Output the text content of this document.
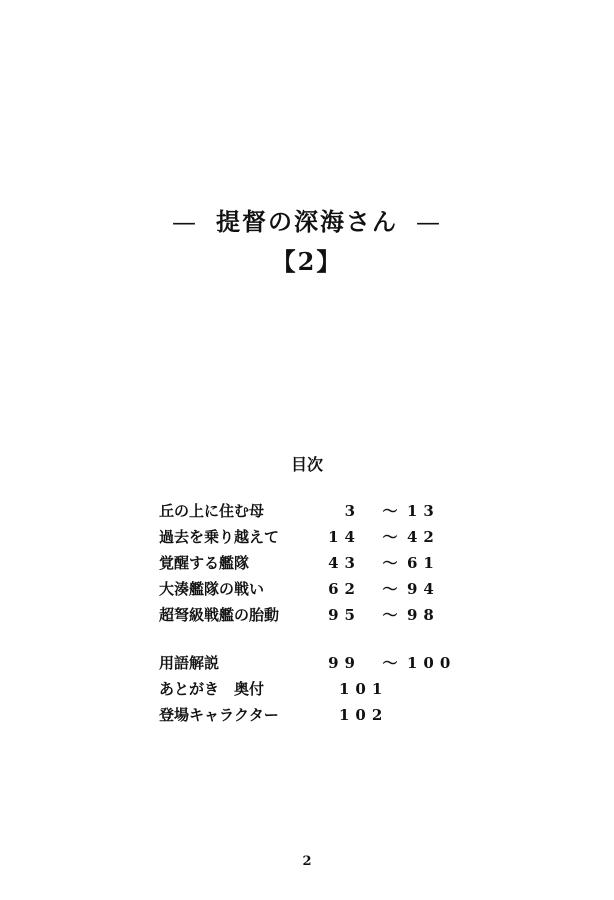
— 提督の深海さん —
【2】
目次
丘の上に住む母	3 ～ 13
過去を乗り越えて	14 ～ 42
覚醒する艦隊	43 ～ 61
大湊艦隊の戦い	62 ～ 94
超弩級戦艦の胎動	95 ～ 98
用語解説	99 ～ 100
あとがき　奥付	101
登場キャラクター	102
2
